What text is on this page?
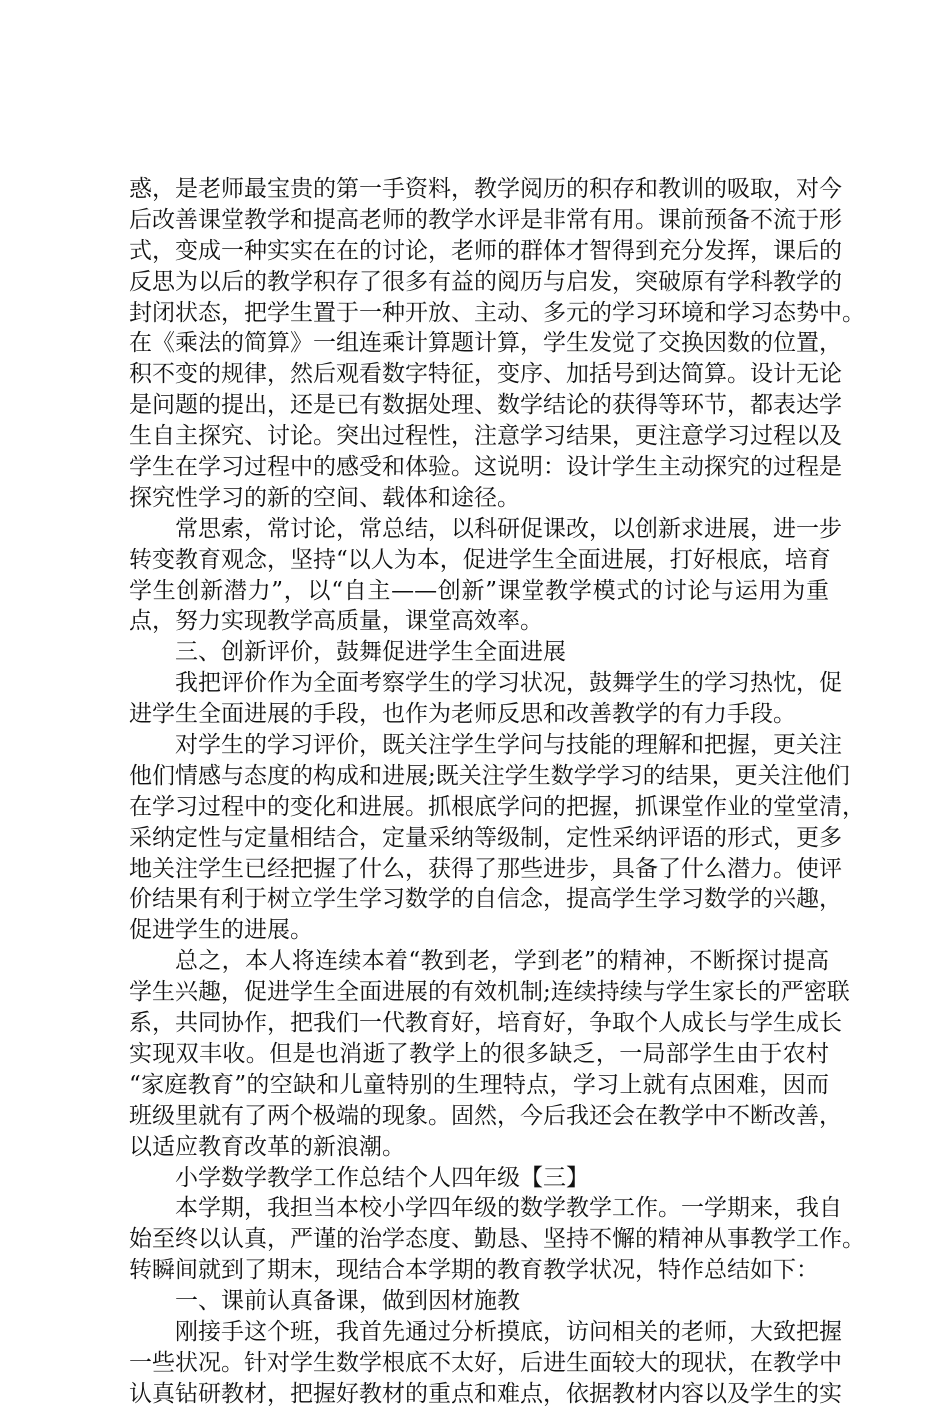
惑，是老师最宝贵的第一手资料，教学阅历的积存和教训的吸取，对今
后改善课堂教学和提高老师的教学水评是非常有用。课前预备不流于形
式，变成一种实实在在的讨论，老师的群体才智得到充分发挥，课后的
反思为以后的教学积存了很多有益的阅历与启发，突破原有学科教学的
封闭状态，把学生置于一种开放、主动、多元的学习环境和学习态势中。
在《乘法的简算》一组连乘计算题计算，学生发觉了交换因数的位置，
积不变的规律，然后观看数字特征，变序、加括号到达简算。设计无论
是问题的提出，还是已有数据处理、数学结论的获得等环节，都表达学
生自主探究、讨论。突出过程性，注意学习结果，更注意学习过程以及
学生在学习过程中的感受和体验。这说明：设计学生主动探究的过程是
探究性学习的新的空间、载体和途径。
常思索，常讨论，常总结，以科研促课改，以创新求进展，进一步
转变教育观念，坚持“以人为本，促进学生全面进展，打好根底，培育
学生创新潜力”，以“自主——创新”课堂教学模式的讨论与运用为重
点，努力实现教学高质量，课堂高效率。
三、创新评价，鼓舞促进学生全面进展
我把评价作为全面考察学生的学习状况，鼓舞学生的学习热忱，促
进学生全面进展的手段，也作为老师反思和改善教学的有力手段。
对学生的学习评价，既关注学生学问与技能的理解和把握，更关注
他们情感与态度的构成和进展;既关注学生数学学习的结果，更关注他们
在学习过程中的变化和进展。抓根底学问的把握，抓课堂作业的堂堂清，
采纳定性与定量相结合，定量采纳等级制，定性采纳评语的形式，更多
地关注学生已经把握了什么，获得了那些进步，具备了什么潜力。使评
价结果有利于树立学生学习数学的自信念，提高学生学习数学的兴趣，
促进学生的进展。
总之，本人将连续本着“教到老，学到老”的精神，不断探讨提高
学生兴趣，促进学生全面进展的有效机制;连续持续与学生家长的严密联
系，共同协作，把我们一代教育好，培育好，争取个人成长与学生成长
实现双丰收。但是也消逝了教学上的很多缺乏，一局部学生由于农村
“家庭教育”的空缺和儿童特别的生理特点，学习上就有点困难，因而
班级里就有了两个极端的现象。固然，今后我还会在教学中不断改善，
以适应教育改革的新浪潮。
小学数学教学工作总结个人四年级【三】
本学期，我担当本校小学四年级的数学教学工作。一学期来，我自
始至终以认真，严谨的治学态度、勤恳、坚持不懈的精神从事教学工作。
转瞬间就到了期末，现结合本学期的教育教学状况，特作总结如下：
一、课前认真备课，做到因材施教
刚接手这个班，我首先通过分析摸底，访问相关的老师，大致把握
一些状况。针对学生数学根底不太好，后进生面较大的现状，在教学中
认真钻研教材，把握好教材的重点和难点，依据教材内容以及学生的实
